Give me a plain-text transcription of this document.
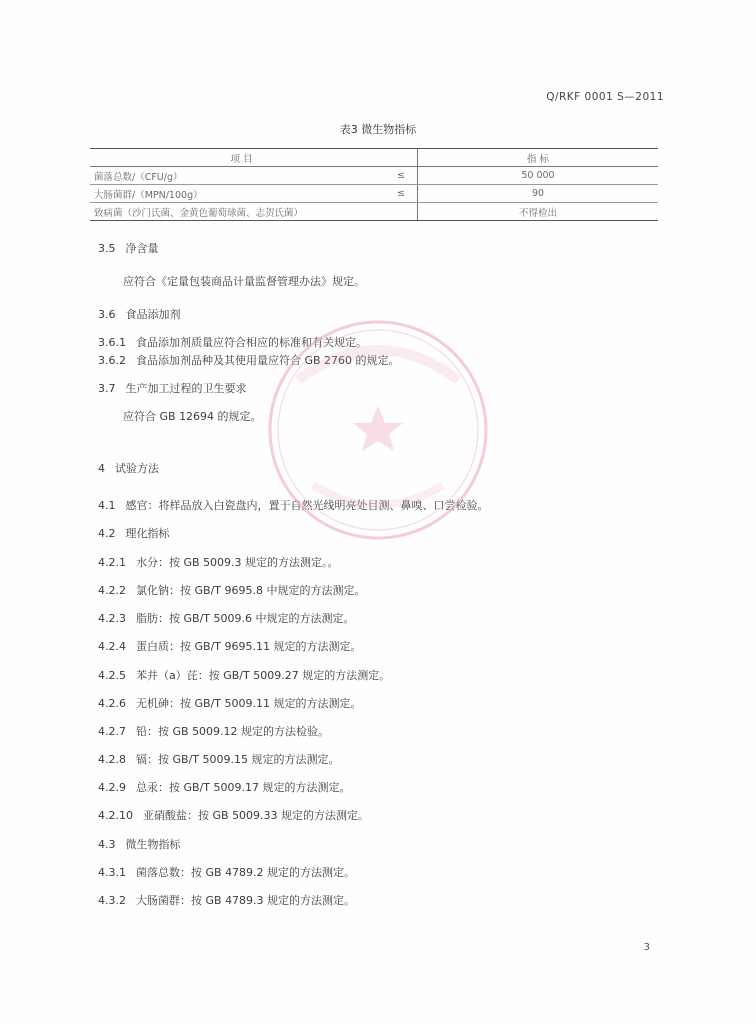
Q/RKF 0001 S—2011
表3 微生物指标
项 目		指 标
菌落总数/（CFU/g）	≤	50 000
大肠菌群/（MPN/100g）	≤	90
致病菌（沙门氏菌、金黄色葡萄球菌、志贺氏菌）		不得检出
3.5 净含量
应符合《定量包装商品计量监督管理办法》规定。
3.6 食品添加剂
3.6.1 食品添加剂质量应符合相应的标准和有关规定。
3.6.2 食品添加剂品种及其使用量应符合 GB 2760 的规定。
3.7 生产加工过程的卫生要求
应符合 GB 12694 的规定。
4 试验方法
4.1 感官：将样品放入白瓷盘内，置于自然光线明亮处目测、鼻嗅、口尝检验。
4.2 理化指标
4.2.1 水分：按 GB 5009.3 规定的方法测定。。
4.2.2 氯化钠：按 GB/T 9695.8 中规定的方法测定。
4.2.3 脂肪：按 GB/T 5009.6 中规定的方法测定。
4.2.4 蛋白质：按 GB/T 9695.11 规定的方法测定。
4.2.5 苯并（a）芘：按 GB/T 5009.27 规定的方法测定。
4.2.6 无机砷：按 GB/T 5009.11 规定的方法测定。
4.2.7 铅：按 GB 5009.12 规定的方法检验。
4.2.8 镉：按 GB/T 5009.15 规定的方法测定。
4.2.9 总汞：按 GB/T 5009.17 规定的方法测定。
4.2.10 亚硝酸盐：按 GB 5009.33 规定的方法测定。
4.3 微生物指标
4.3.1 菌落总数：按 GB 4789.2 规定的方法测定。
4.3.2 大肠菌群：按 GB 4789.3 规定的方法测定。
3
